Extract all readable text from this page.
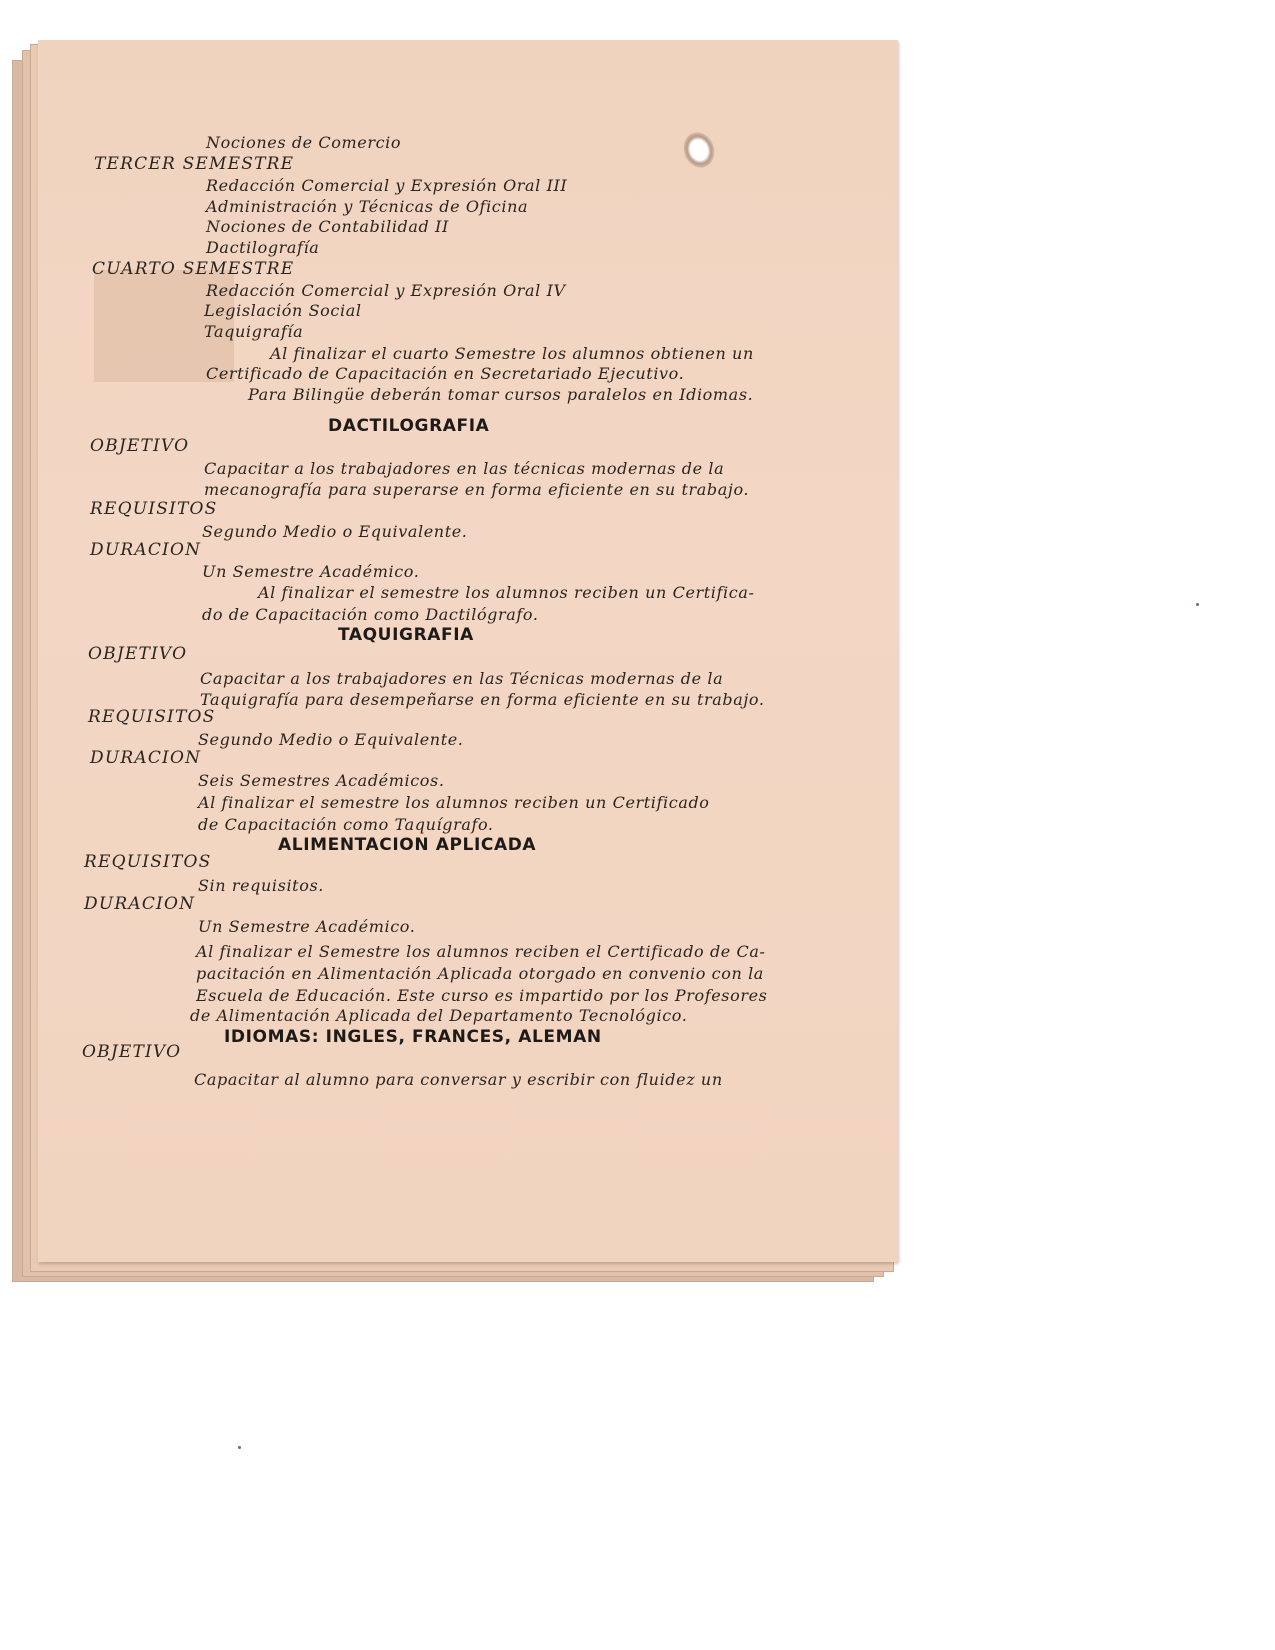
Nociones de Comercio
TERCER SEMESTRE
Redacción Comercial y Expresión Oral III
Administración y Técnicas de Oficina
Nociones de Contabilidad II
Dactilografía
CUARTO SEMESTRE
Redacción Comercial y Expresión Oral IV
Legislación Social
Taquigrafía
Al finalizar el cuarto Semestre los alumnos obtienen un
Certificado de Capacitación en Secretariado Ejecutivo.
Para Bilingüe deberán tomar cursos paralelos en Idiomas.
DACTILOGRAFIA
OBJETIVO
Capacitar a los trabajadores en las técnicas modernas de la
mecanografía para superarse en forma eficiente en su trabajo.
REQUISITOS
Segundo Medio o Equivalente.
DURACION
Un Semestre Académico.
Al finalizar el semestre los alumnos reciben un Certifica-
do de Capacitación como Dactilógrafo.
TAQUIGRAFIA
OBJETIVO
Capacitar a los trabajadores en las Técnicas modernas de la
Taquigrafía para desempeñarse en forma eficiente en su trabajo.
REQUISITOS
Segundo Medio o Equivalente.
DURACION
Seis Semestres Académicos.
Al finalizar el semestre los alumnos reciben un Certificado
de Capacitación como Taquígrafo.
ALIMENTACION APLICADA
REQUISITOS
Sin requisitos.
DURACION
Un Semestre Académico.
Al finalizar el Semestre los alumnos reciben el Certificado de Ca-
pacitación en Alimentación Aplicada otorgado en convenio con la
Escuela de Educación. Este curso es impartido por los Profesores
de Alimentación Aplicada del Departamento Tecnológico.
IDIOMAS: INGLES, FRANCES, ALEMAN
OBJETIVO
Capacitar al alumno para conversar y escribir con fluidez un
